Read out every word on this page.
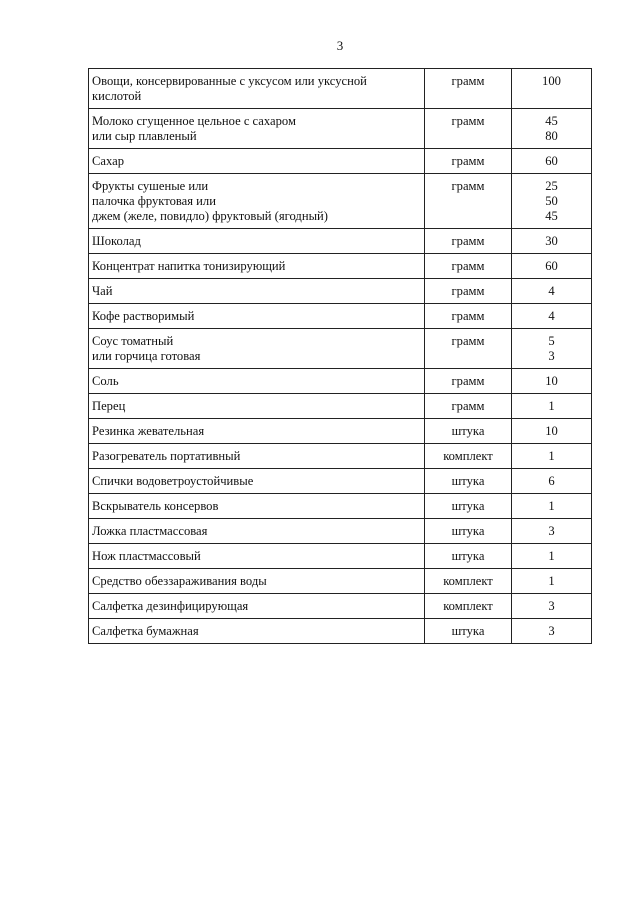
3
Овощи, консервированные с уксусом или уксусной
кислотой	грамм	100

Молоко сгущенное цельное с сахаром
или сыр плавленый	грамм	45
80

Сахар	грамм	60

Фрукты сушеные или
палочка фруктовая или
джем (желе, повидло) фруктовый (ягодный)	грамм	25
50
45

Шоколад	грамм	30

Концентрат напитка тонизирующий	грамм	60

Чай	грамм	4

Кофе растворимый	грамм	4

Соус томатный
или горчица готовая	грамм	5
3

Соль	грамм	10

Перец	грамм	1

Резинка жевательная	штука	10

Разогреватель портативный	комплект	1

Спички водоветроустойчивые	штука	6

Вскрыватель консервов	штука	1

Ложка пластмассовая	штука	3

Нож пластмассовый	штука	1

Средство обеззараживания воды	комплект	1

Салфетка дезинфицирующая	комплект	3

Салфетка бумажная	штука	3
